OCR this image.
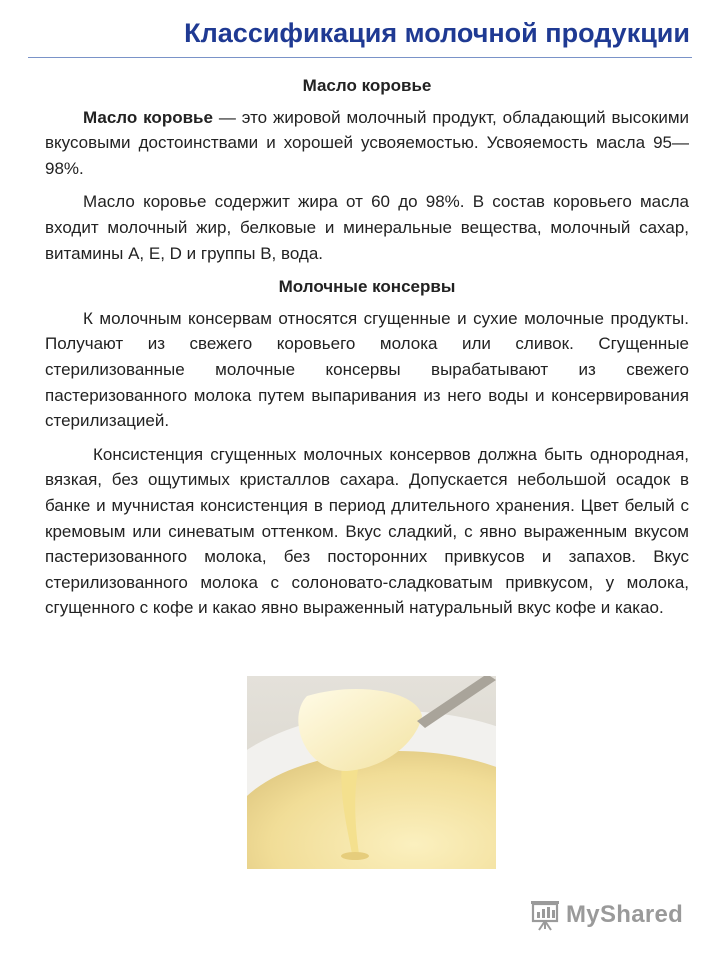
Классификация молочной продукции
Масло коровье

Масло коровье — это жировой молочный продукт, обладающий высокими вкусовыми достоинствами и хорошей усвояемостью. Усвояемость масла 95—98%.

Масло коровье содержит жира от 60 до 98%. В состав коровьего масла входит молочный жир, белковые и минеральные вещества, молочный сахар, витамины А, Е, D и группы В, вода.

Молочные консервы

К молочным консервам относятся сгущенные и сухие молочные продукты. Получают из свежего коровьего молока или сливок. Сгущенные стерилизованные молочные консервы вырабатывают из свежего пастеризованного молока путем выпаривания из него воды и консервирования стерилизацией.

Консистенция сгущенных молочных консервов должна быть однородная, вязкая, без ощутимых кристаллов сахара. Допускается небольшой осадок в банке и мучнистая консистенция в период длительного хранения. Цвет белый с кремовым или синеватым оттенком. Вкус сладкий, с явно выраженным вкусом пастеризованного молока, без посторонних привкусов и запахов. Вкус стерилизованного молока с солоновато-сладковатым привкусом, у молока, сгущенного с кофе и какао явно выраженный натуральный вкус кофе и какао.

MyShared
